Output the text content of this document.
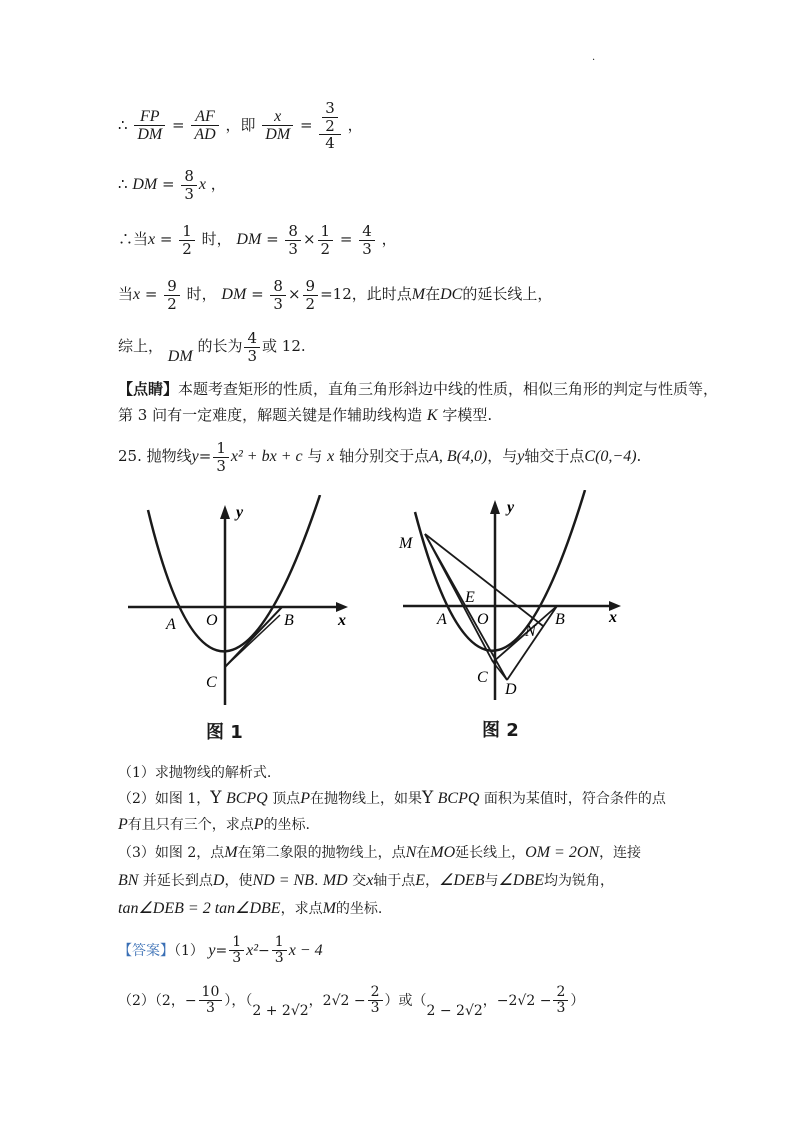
.
∴ $\frac{FP}{DM} = \frac{AF}{AD}$ ，即 $\frac{x}{DM} = \frac{\frac{3}{2}}{4}$ ，
∴ DM = $\frac{8}{3}$ x ，
∴当$x = \frac{1}{2}$ 时， DM = $\frac{8}{3} \times \frac{1}{2} = \frac{4}{3}$ ，
当$x = \frac{9}{2}$ 时， DM = $\frac{8}{3} \times \frac{9}{2} =12$，此时点M在DC的延长线上，
综上， DM 的长为 $\frac{4}{3}$ 或 12.
【点睛】本题考查矩形的性质，直角三角形斜边中线的性质，相似三角形的判定与性质等，
第 3 问有一定难度，解题关键是作辅助线构造 K 字模型.
25. 抛物线$y= \frac{1}{3} x^2$ + bx + c 与 x 轴分别交于点A, B(4,0)，与y轴交于点C(0,−4).
y
x
A O	B
C
图 1
y
x
M
E
A O
N
B
C
D
图 2
（1）求抛物线的解析式.
（2）如图 1，Y BCPQ 顶点P在抛物线上，如果Y BCPQ 面积为某值时，符合条件的点
P有且只有三个，求点P的坐标.
（3）如图 2，点M在第二象限的抛物线上，点N在MO延长线上，OM = 2ON，连接
BN 并延长到点D，使ND = NB. MD 交x轴于点E，∠DEB与∠DBE均为锐角，
tan∠DEB = 2 tan∠DBE，求点M的坐标.
【答案】（1） $y= \frac{1}{3} x^2- \frac{1}{3}$ x − 4
（2）（2，− $\frac{10}{3}$ ），（2 + 2√2，$2√2 - \frac{2}{3}$ ）或（2 − 2√2，$-2√2 - \frac{2}{3}$ ）
